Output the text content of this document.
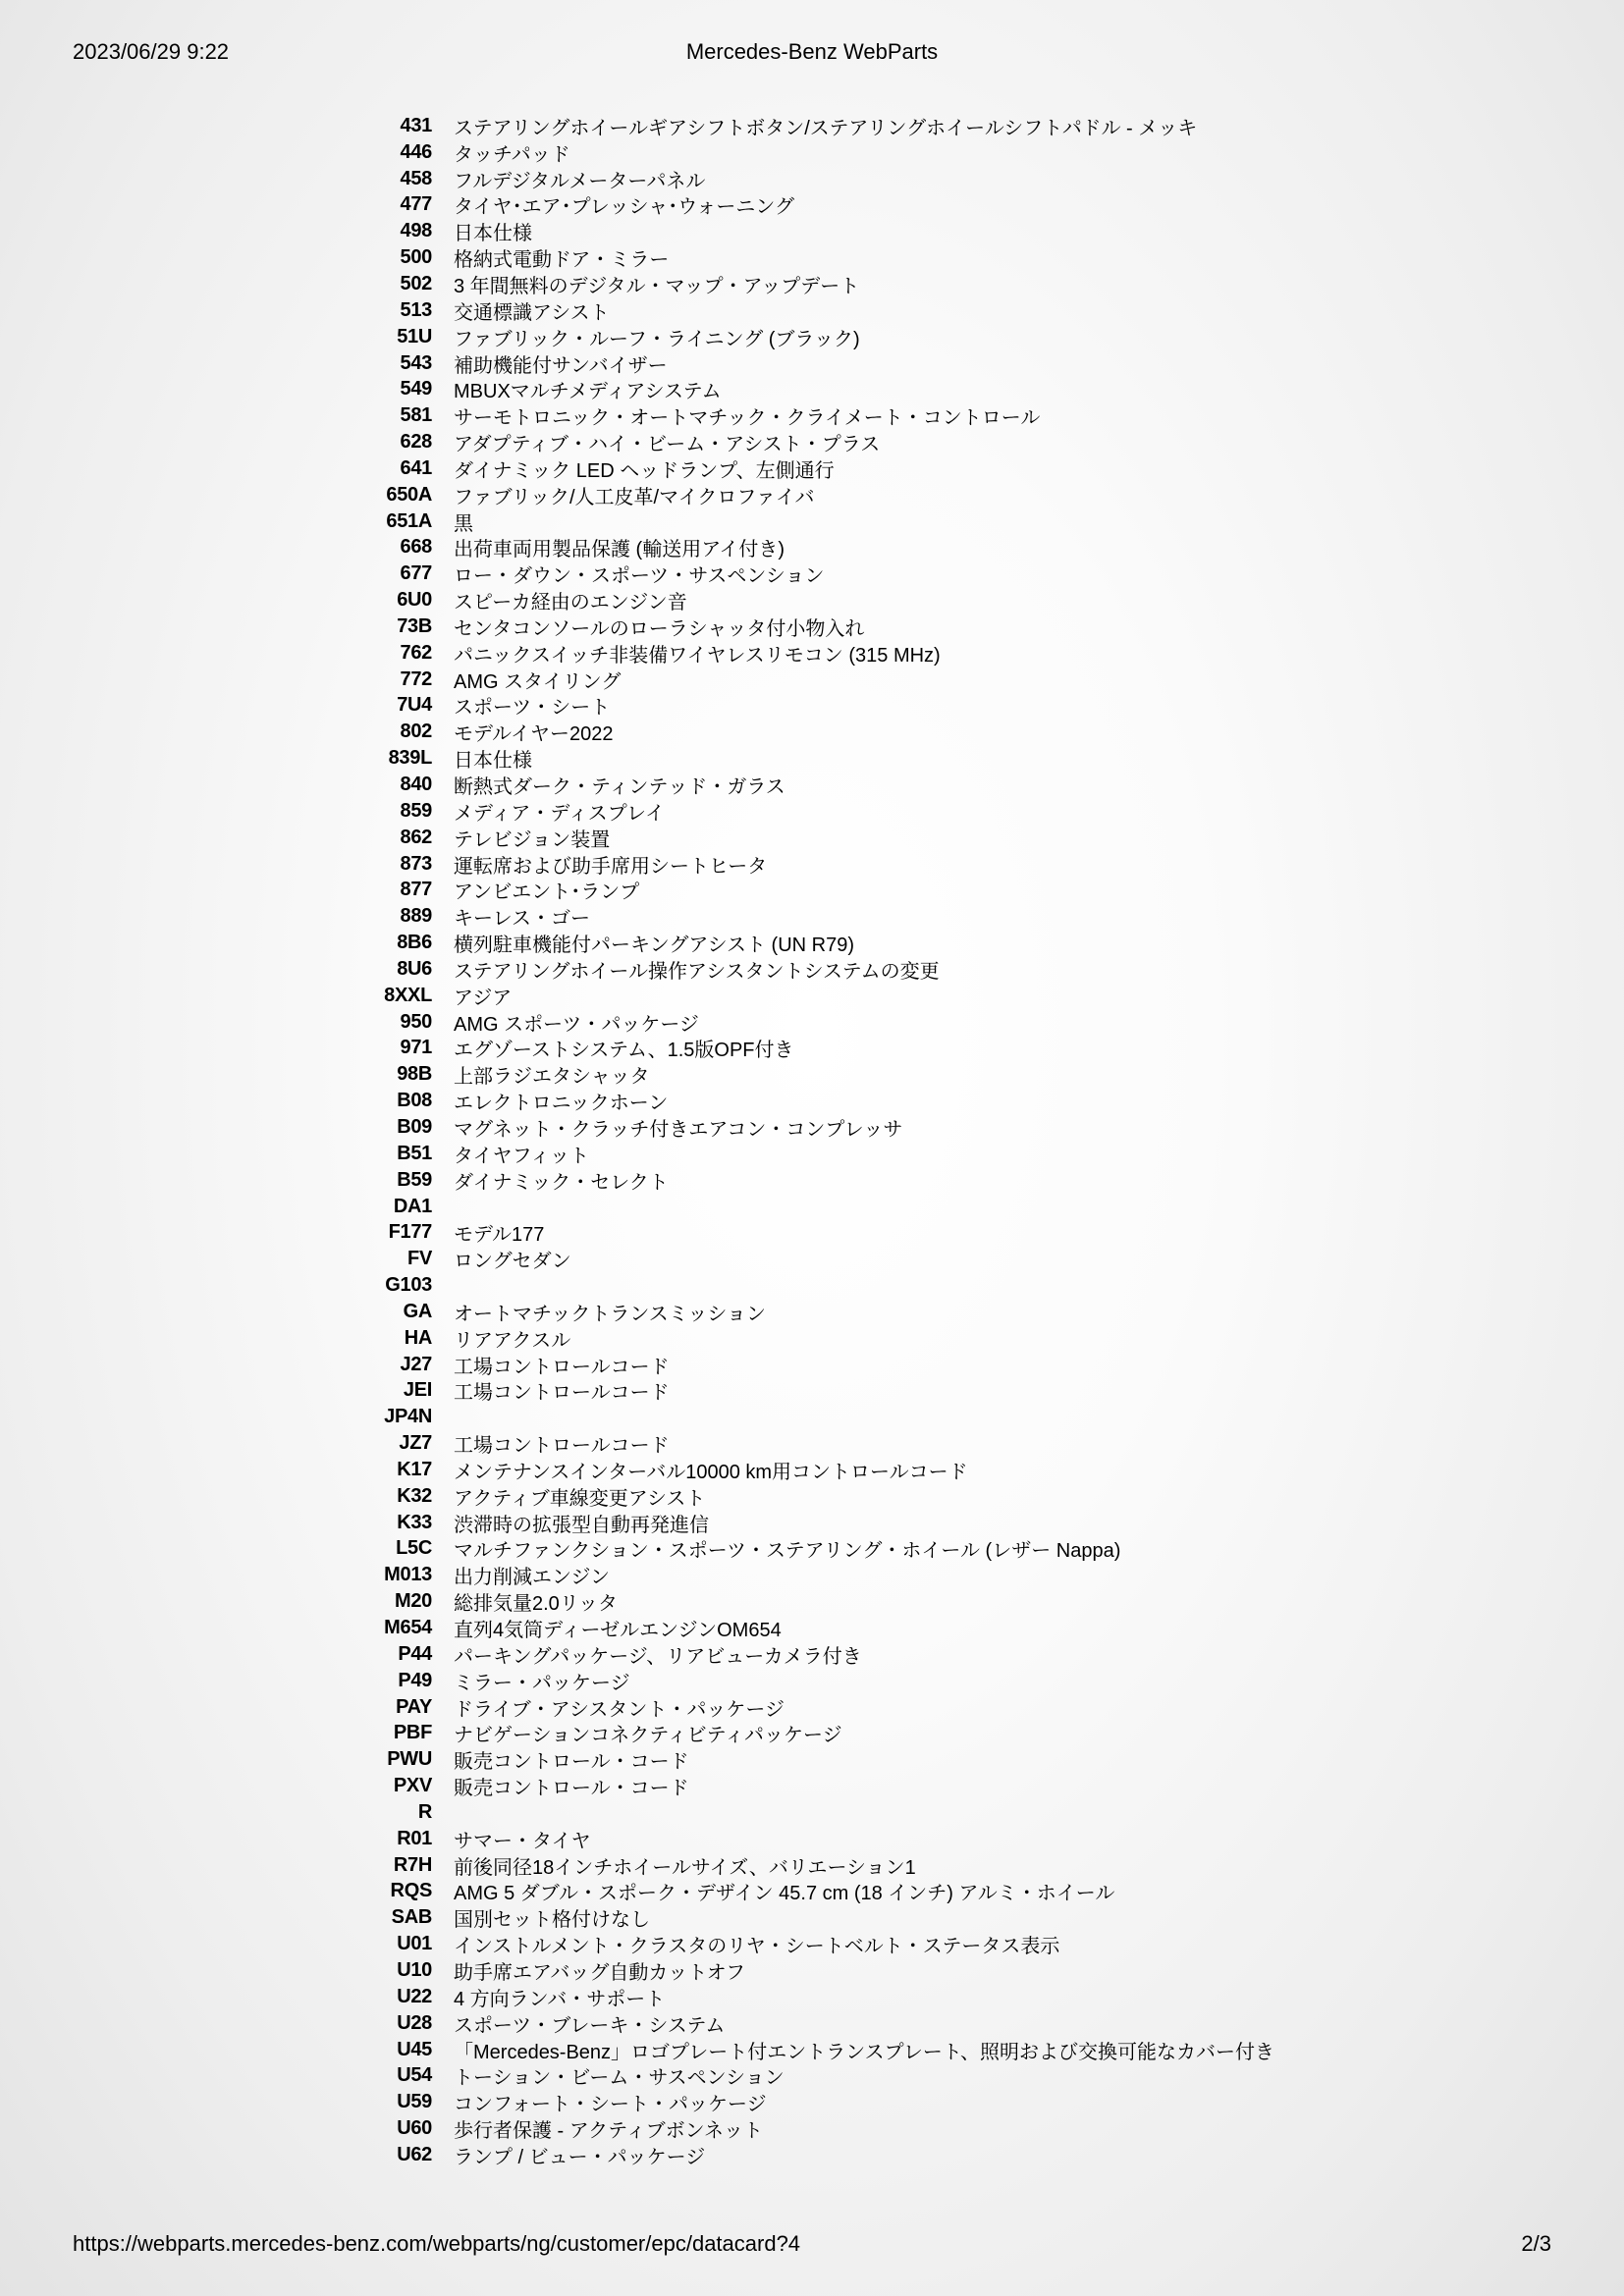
2023/06/29 9:22	Mercedes-Benz WebParts
431 ステアリングホイールギアシフトボタン/ステアリングホイールシフトパドル - メッキ
446 タッチパッド
458 フルデジタルメーターパネル
477 タイヤ･エア･プレッシャ･ウォーニング
498 日本仕様
500 格納式電動ドア・ミラー
502 3 年間無料のデジタル・マップ・アップデート
513 交通標識アシスト
51U ファブリック・ルーフ・ライニング (ブラック)
543 補助機能付サンバイザー
549 MBUXマルチメディアシステム
581 サーモトロニック・オートマチック・クライメート・コントロール
628 アダプティブ・ハイ・ビーム・アシスト・プラス
641 ダイナミック LED ヘッドランプ、左側通行
650A ファブリック/人工皮革/マイクロファイバ
651A 黒
668 出荷車両用製品保護 (輸送用アイ付き)
677 ロー・ダウン・スポーツ・サスペンション
6U0 スピーカ経由のエンジン音
73B センタコンソールのローラシャッタ付小物入れ
762 パニックスイッチ非装備ワイヤレスリモコン (315 MHz)
772 AMG スタイリング
7U4 スポーツ・シート
802 モデルイヤー2022
839L 日本仕様
840 断熱式ダーク・ティンテッド・ガラス
859 メディア・ディスプレイ
862 テレビジョン装置
873 運転席および助手席用シートヒータ
877 アンビエント･ランプ
889 キーレス・ゴー
8B6 横列駐車機能付パーキングアシスト (UN R79)
8U6 ステアリングホイール操作アシスタントシステムの変更
8XXL アジア
950 AMG スポーツ・パッケージ
971 エグゾーストシステム、1.5版OPF付き
98B 上部ラジエタシャッタ
B08 エレクトロニックホーン
B09 マグネット・クラッチ付きエアコン・コンプレッサ
B51 タイヤフィット
B59 ダイナミック・セレクト
DA1
F177 モデル177
FV ロングセダン
G103
GA オートマチックトランスミッション
HA リアアクスル
J27 工場コントロールコード
JEI 工場コントロールコード
JP4N
JZ7 工場コントロールコード
K17 メンテナンスインターバル10000 km用コントロールコード
K32 アクティブ車線変更アシスト
K33 渋滞時の拡張型自動再発進信
L5C マルチファンクション・スポーツ・ステアリング・ホイール (レザー Nappa)
M013 出力削減エンジン
M20 総排気量2.0リッタ
M654 直列4気筒ディーゼルエンジンOM654
P44 パーキングパッケージ、リアビューカメラ付き
P49 ミラー・パッケージ
PAY ドライブ・アシスタント・パッケージ
PBF ナビゲーションコネクティビティパッケージ
PWU 販売コントロール・コード
PXV 販売コントロール・コード
R
R01 サマー・タイヤ
R7H 前後同径18インチホイールサイズ、バリエーション1
RQS AMG 5 ダブル・スポーク・デザイン 45.7 cm (18 インチ) アルミ・ホイール
SAB 国別セット格付けなし
U01 インストルメント・クラスタのリヤ・シートベルト・ステータス表示
U10 助手席エアバッグ自動カットオフ
U22 4 方向ランバ・サポート
U28 スポーツ・ブレーキ・システム
U45 「Mercedes-Benz」ロゴプレート付エントランスプレート、照明および交換可能なカバー付き
U54 トーション・ビーム・サスペンション
U59 コンフォート・シート・パッケージ
U60 歩行者保護 - アクティブボンネット
U62 ランプ / ビュー・パッケージ
https://webparts.mercedes-benz.com/webparts/ng/customer/epc/datacard?4	2/3
